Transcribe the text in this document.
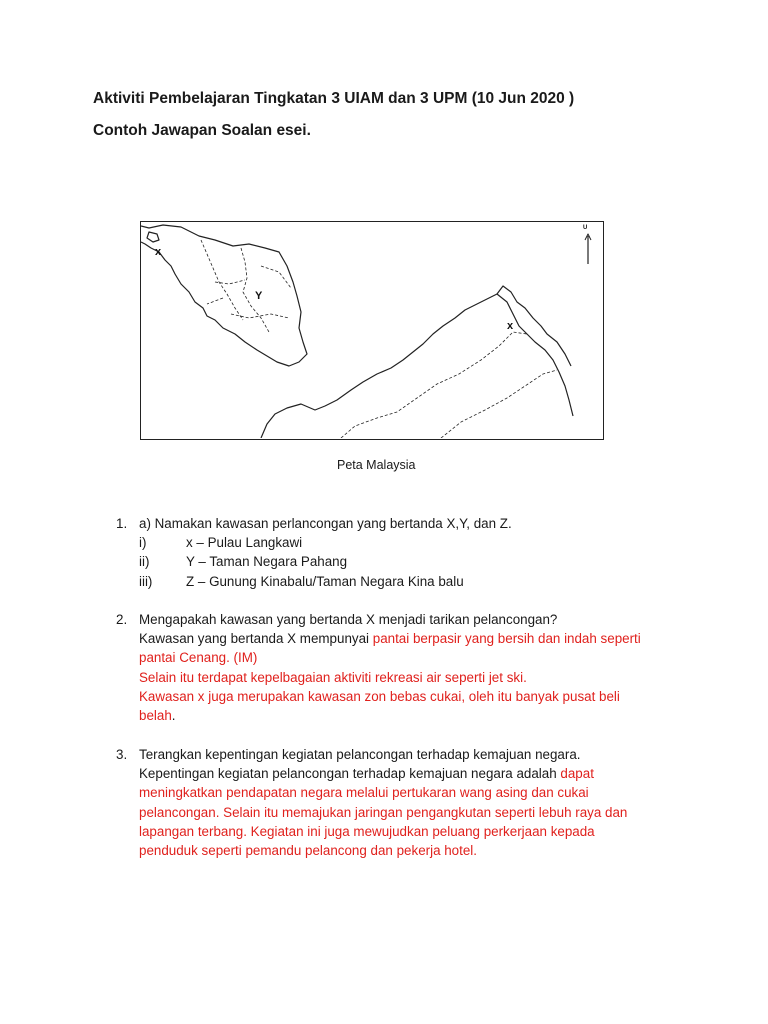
Aktiviti Pembelajaran Tingkatan 3 UIAM dan 3 UPM (10 Jun 2020 )
Contoh Jawapan Soalan esei.
x
Y
x
U
Peta Malaysia
1. a) Namakan kawasan perlancongan yang bertanda X,Y, dan Z.
i)	x – Pulau Langkawi
ii)	Y – Taman Negara Pahang
iii)	Z – Gunung Kinabalu/Taman Negara Kina balu
2. Mengapakah kawasan yang bertanda X menjadi tarikan pelancongan?
Kawasan yang bertanda X mempunyai pantai berpasir yang bersih dan indah seperti
pantai Cenang. (IM)
Selain itu terdapat kepelbagaian aktiviti rekreasi air seperti jet ski.
Kawasan x juga merupakan kawasan zon bebas cukai, oleh itu banyak pusat beli
belah.
3. Terangkan kepentingan kegiatan pelancongan terhadap kemajuan negara.
Kepentingan kegiatan pelancongan terhadap kemajuan negara adalah dapat
meningkatkan pendapatan negara melalui pertukaran wang asing dan cukai
pelancongan. Selain itu memajukan jaringan pengangkutan seperti lebuh raya dan
lapangan terbang. Kegiatan ini juga mewujudkan peluang perkerjaan kepada
penduduk seperti pemandu pelancong dan pekerja hotel.
